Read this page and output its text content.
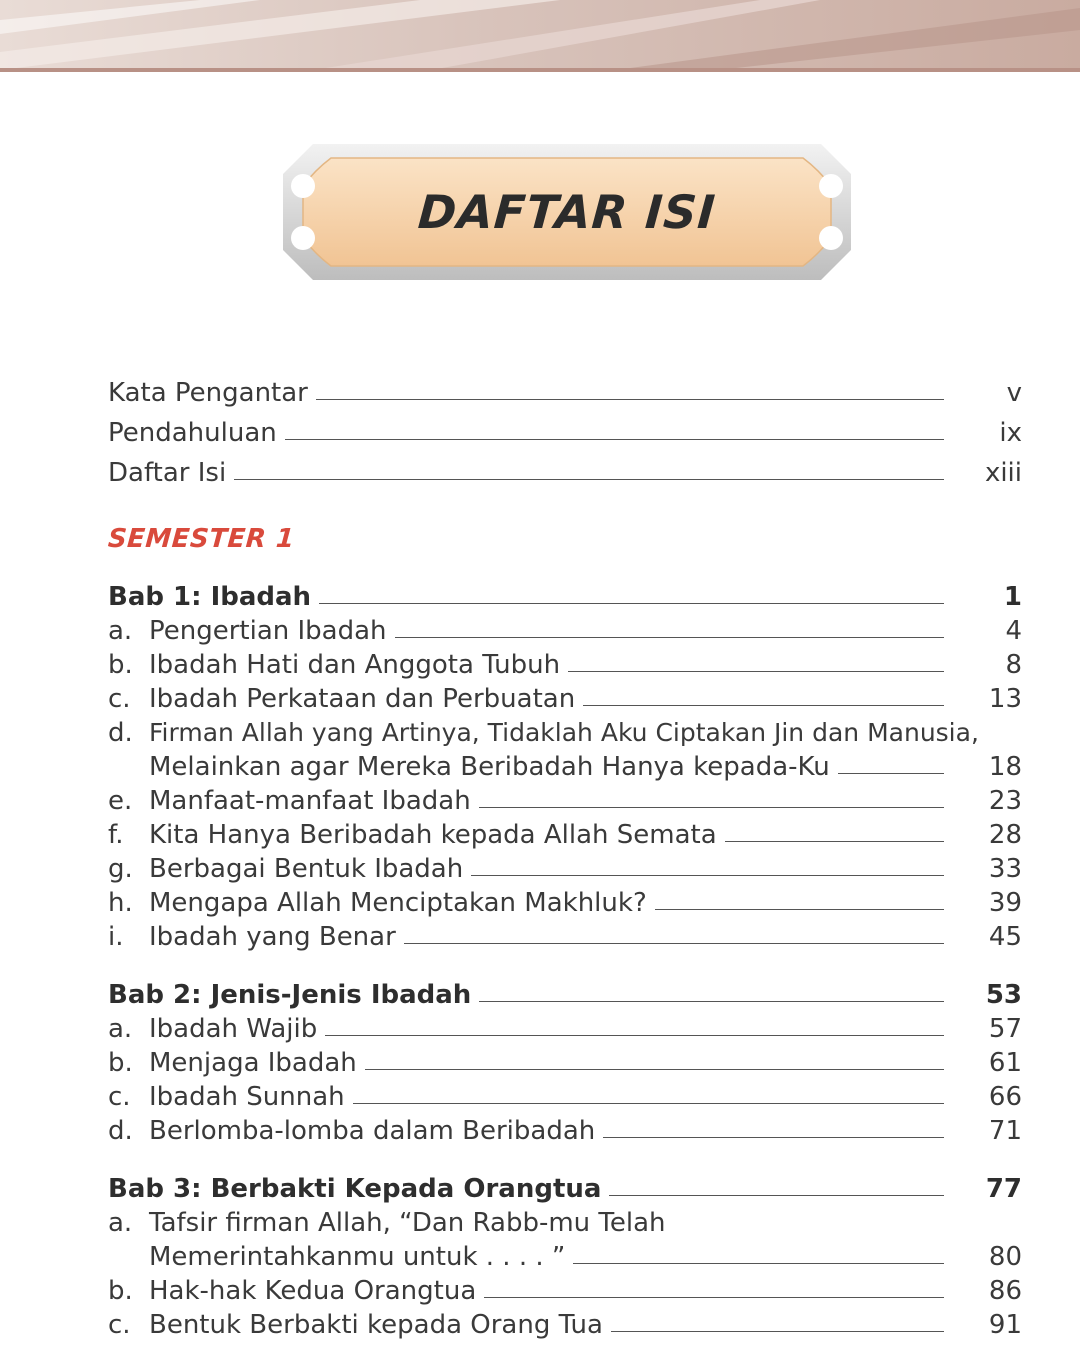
DAFTAR ISI
Kata Pengantar	v
Pendahuluan	ix
Daftar Isi	xiii
SEMESTER 1
Bab 1: Ibadah	1
a. Pengertian Ibadah	4
b. Ibadah Hati dan Anggota Tubuh	8
c. Ibadah Perkataan dan Perbuatan	13
d. Firman Allah yang Artinya, Tidaklah Aku Ciptakan Jin dan Manusia,
Melainkan agar Mereka Beribadah Hanya kepada-Ku	18
e. Manfaat-manfaat Ibadah	23
f. Kita Hanya Beribadah kepada Allah Semata	28
g. Berbagai Bentuk Ibadah	33
h. Mengapa Allah Menciptakan Makhluk?	39
i. Ibadah yang Benar	45
Bab 2: Jenis-Jenis Ibadah	53
a. Ibadah Wajib	57
b. Menjaga Ibadah	61
c. Ibadah Sunnah	66
d. Berlomba-lomba dalam Beribadah	71
Bab 3: Berbakti Kepada Orangtua	77
a. Tafsir firman Allah, “Dan Rabb-mu Telah
Memerintahkanmu untuk . . . . ”	80
b. Hak-hak Kedua Orangtua	86
c. Bentuk Berbakti kepada Orang Tua	91
